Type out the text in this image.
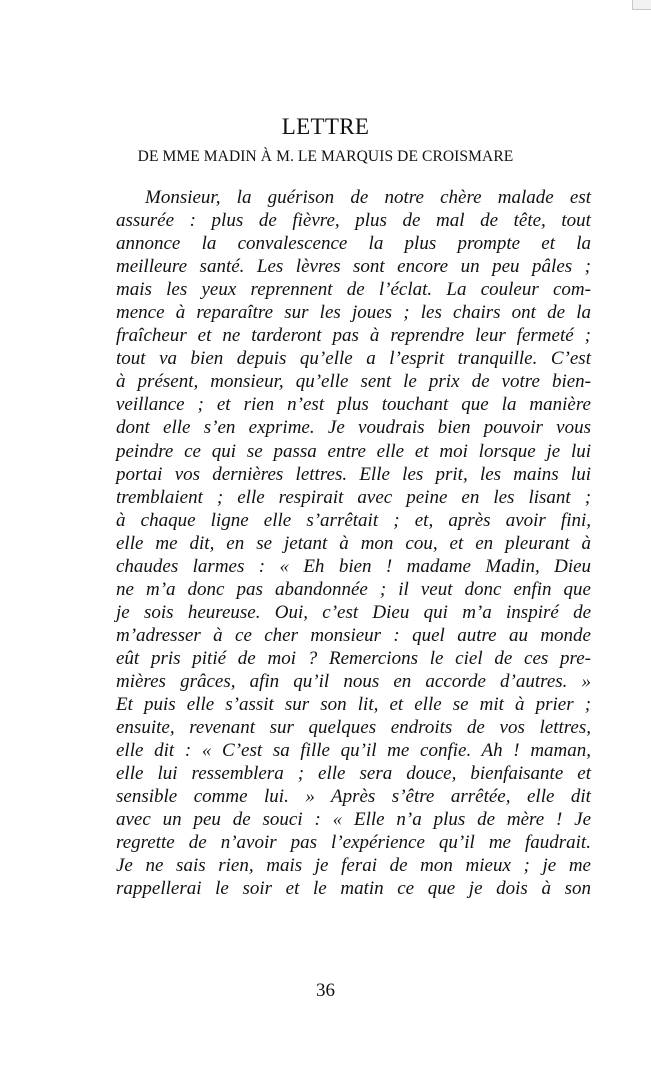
LETTRE
DE MME MADIN À M. LE MARQUIS DE CROISMARE
Monsieur, la guérison de notre chère malade est
assurée : plus de fièvre, plus de mal de tête, tout
annonce la convalescence la plus prompte et la
meilleure santé. Les lèvres sont encore un peu pâles ;
mais les yeux reprennent de l’éclat. La couleur com-
mence à reparaître sur les joues ; les chairs ont de la
fraîcheur et ne tarderont pas à reprendre leur fermeté ;
tout va bien depuis qu’elle a l’esprit tranquille. C’est
à présent, monsieur, qu’elle sent le prix de votre bien-
veillance ; et rien n’est plus touchant que la manière
dont elle s’en exprime. Je voudrais bien pouvoir vous
peindre ce qui se passa entre elle et moi lorsque je lui
portai vos dernières lettres. Elle les prit, les mains lui
tremblaient ; elle respirait avec peine en les lisant ;
à chaque ligne elle s’arrêtait ; et, après avoir fini,
elle me dit, en se jetant à mon cou, et en pleurant à
chaudes larmes : « Eh bien ! madame Madin, Dieu
ne m’a donc pas abandonnée ; il veut donc enfin que
je sois heureuse. Oui, c’est Dieu qui m’a inspiré de
m’adresser à ce cher monsieur : quel autre au monde
eût pris pitié de moi ? Remercions le ciel de ces pre-
mières grâces, afin qu’il nous en accorde d’autres. »
Et puis elle s’assit sur son lit, et elle se mit à prier ;
ensuite, revenant sur quelques endroits de vos lettres,
elle dit : « C’est sa fille qu’il me confie. Ah ! maman,
elle lui ressemblera ; elle sera douce, bienfaisante et
sensible comme lui. » Après s’être arrêtée, elle dit
avec un peu de souci : « Elle n’a plus de mère ! Je
regrette de n’avoir pas l’expérience qu’il me faudrait.
Je ne sais rien, mais je ferai de mon mieux ; je me
rappellerai le soir et le matin ce que je dois à son
36
